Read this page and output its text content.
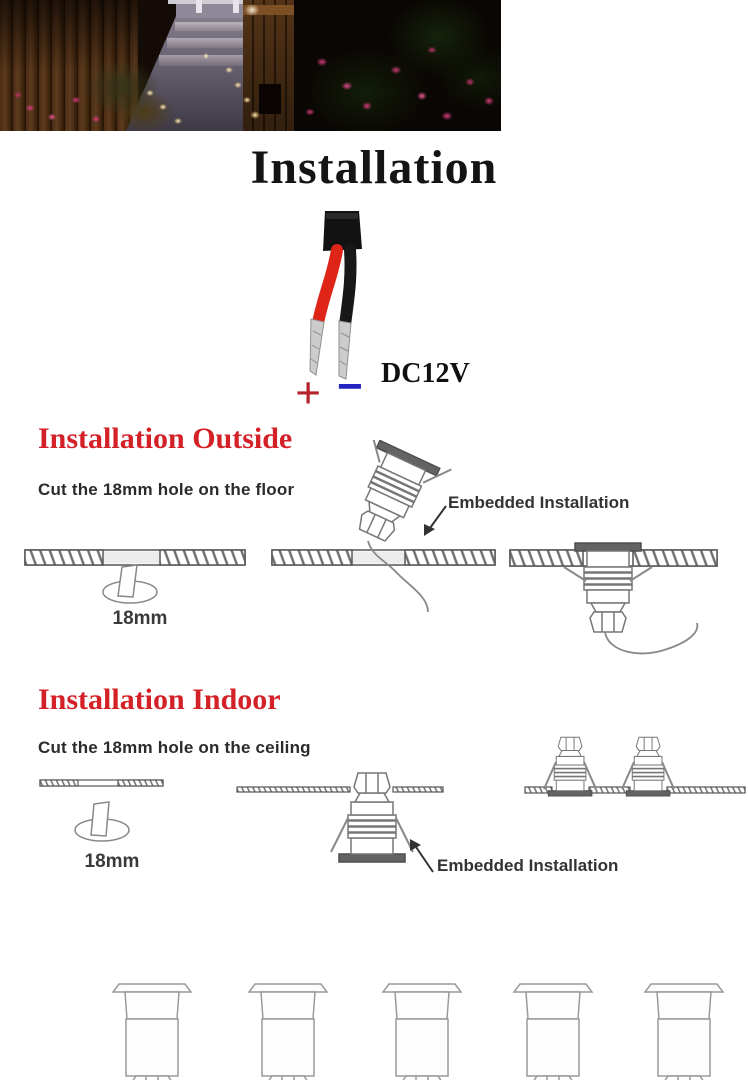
Installation
+ − DC12V
Installation Outside
Cut the 18mm hole on the floor
18mm
Embedded Installation
Installation Indoor
Cut the 18mm hole on the ceiling
18mm	Embedded Installation
